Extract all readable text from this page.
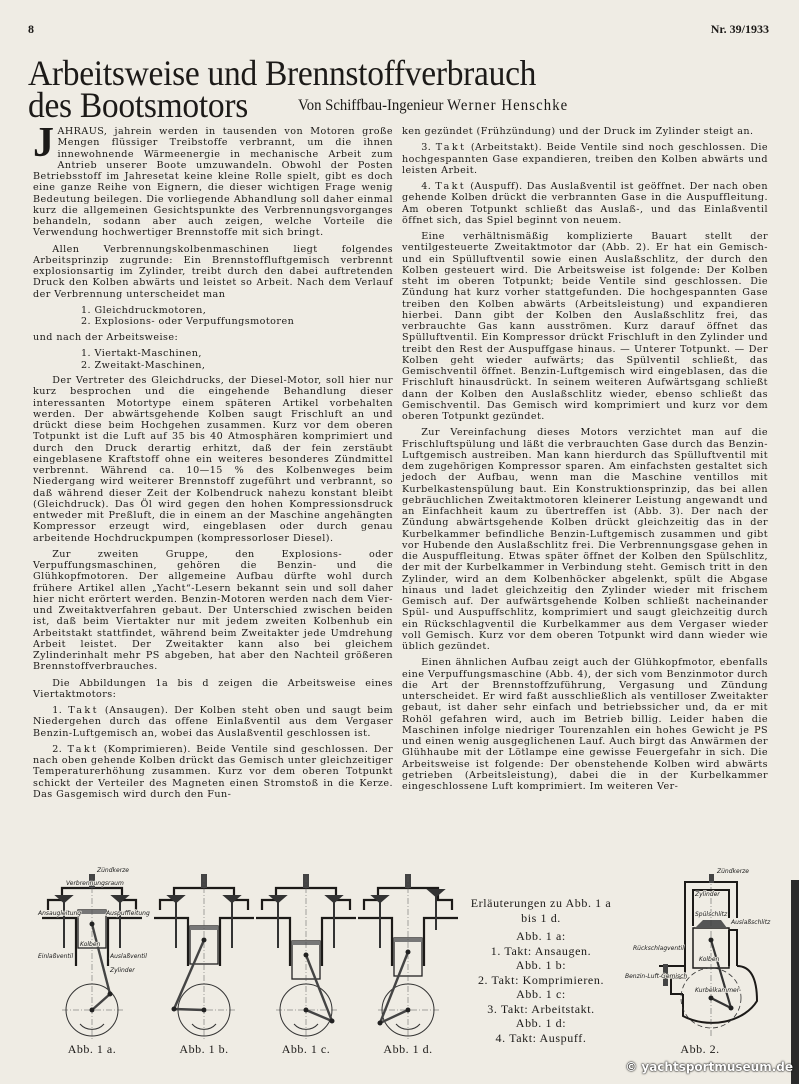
8	Nr. 39/1933
Arbeitsweise und Brennstoffverbrauch
des Bootsmotors	Von Schiffbau-Ingenieur Werner Henschke

JAHRAUS, jahrein werden in tausenden von Motoren große Mengen flüssiger Treibstoffe verbrannt, um die ihnen innewohnende Wärmeenergie in mechanische Arbeit zum Antrieb unserer Boote umzuwandeln. Obwohl der Posten Betriebsstoff im Jahresetat keine kleine Rolle spielt, gibt es doch eine ganze Reihe von Eignern, die dieser wichtigen Frage wenig Bedeutung beilegen. Die vorliegende Abhandlung soll daher einmal kurz die allgemeinen Gesichtspunkte des Verbrennungsvorganges behandeln, sodann aber auch zeigen, welche Vorteile die Verwendung hochwertiger Brennstoffe mit sich bringt.

Allen Verbrennungskolbenmaschinen liegt folgendes Arbeitsprinzip zugrunde: Ein Brennstoffluftgemisch verbrennt explosionsartig im Zylinder, treibt durch den dabei auftretenden Druck den Kolben abwärts und leistet so Arbeit. Nach dem Verlauf der Verbrennung unterscheidet man

1. Gleichdruckmotoren,
2. Explosions- oder Verpuffungsmotoren

und nach der Arbeitsweise:

1. Viertakt-Maschinen,
2. Zweitakt-Maschinen,

Der Vertreter des Gleichdrucks, der Diesel-Motor, soll hier nur kurz besprochen und die eingehende Behandlung dieser interessanten Motortype einem späteren Artikel vorbehalten werden. Der abwärtsgehende Kolben saugt Frischluft an und drückt diese beim Hochgehen zusammen. Kurz vor dem oberen Totpunkt ist die Luft auf 35 bis 40 Atmosphären komprimiert und durch den Druck derartig erhitzt, daß der fein zerstäubt eingeblasene Kraftstoff ohne ein weiteres besonderes Zündmittel verbrennt. Während ca. 10—15 % des Kolbenweges beim Niedergang wird weiterer Brennstoff zugeführt und verbrannt, so daß während dieser Zeit der Kolbendruck nahezu konstant bleibt (Gleichdruck). Das Öl wird gegen den hohen Kompressionsdruck entweder mit Preßluft, die in einem an der Maschine angehängten Kompressor erzeugt wird, eingeblasen oder durch genau arbeitende Hochdruckpumpen (kompressorloser Diesel).

Zur zweiten Gruppe, den Explosions- oder Verpuffungsmaschinen, gehören die Benzin- und die Glühkopfmotoren. Der allgemeine Aufbau dürfte wohl durch frühere Artikel allen „Yacht“-Lesern bekannt sein und soll daher hier nicht erörtert werden. Benzin-Motoren werden nach dem Vier- und Zweitaktverfahren gebaut. Der Unterschied zwischen beiden ist, daß beim Viertakter nur mit jedem zweiten Kolbenhub ein Arbeitstakt stattfindet, während beim Zweitakter jede Umdrehung Arbeit leistet. Der Zweitakter kann also bei gleichem Zylinderinhalt mehr PS abgeben, hat aber den Nachteil größeren Brennstoffverbrauches.

Die Abbildungen 1a bis d zeigen die Arbeitsweise eines Viertaktmotors:

1. Takt (Ansaugen). Der Kolben steht oben und saugt beim Niedergehen durch das offene Einlaßventil aus dem Vergaser Benzin-Luftgemisch an, wobei das Auslaßventil geschlossen ist.

2. Takt (Komprimieren). Beide Ventile sind geschlossen. Der nach oben gehende Kolben drückt das Gemisch unter gleichzeitiger Temperaturerhöhung zusammen. Kurz vor dem oberen Totpunkt schickt der Verteiler des Magneten einen Stromstoß in die Kerze. Das Gasgemisch wird durch den Fun-

ken gezündet (Frühzündung) und der Druck im Zylinder steigt an.

3. Takt (Arbeitstakt). Beide Ventile sind noch geschlossen. Die hochgespannten Gase expandieren, treiben den Kolben abwärts und leisten Arbeit.

4. Takt (Auspuff). Das Auslaßventil ist geöffnet. Der nach oben gehende Kolben drückt die verbrannten Gase in die Auspuffleitung. Am oberen Totpunkt schließt das Auslaß-, und das Einlaßventil öffnet sich, das Spiel beginnt von neuem.

Eine verhältnismäßig komplizierte Bauart stellt der ventilgesteuerte Zweitaktmotor dar (Abb. 2). Er hat ein Gemisch- und ein Spülluftventil sowie einen Auslaßschlitz, der durch den Kolben gesteuert wird. Die Arbeitsweise ist folgende: Der Kolben steht im oberen Totpunkt; beide Ventile sind geschlossen. Die Zündung hat kurz vorher stattgefunden. Die hochgespannten Gase treiben den Kolben abwärts (Arbeitsleistung) und expandieren hierbei. Dann gibt der Kolben den Auslaßschlitz frei, das verbrauchte Gas kann ausströmen. Kurz darauf öffnet das Spülluftventil. Ein Kompressor drückt Frischluft in den Zylinder und treibt den Rest der Auspuffgase hinaus. — Unterer Totpunkt. — Der Kolben geht wieder aufwärts; das Spülventil schließt, das Gemischventil öffnet. Benzin-Luftgemisch wird eingeblasen, das die Frischluft hinausdrückt. In seinem weiteren Aufwärtsgang schließt dann der Kolben den Auslaßschlitz wieder, ebenso schließt das Gemischventil. Das Gemisch wird komprimiert und kurz vor dem oberen Totpunkt gezündet.

Zur Vereinfachung dieses Motors verzichtet man auf die Frischluftspülung und läßt die verbrauchten Gase durch das Benzin-Luftgemisch austreiben. Man kann hierdurch das Spülluftventil mit dem zugehörigen Kompressor sparen. Am einfachsten gestaltet sich jedoch der Aufbau, wenn man die Maschine ventillos mit Kurbelkastenspülung baut. Ein Konstruktionsprinzip, das bei allen gebräuchlichen Zweitaktmotoren kleinerer Leistung angewandt und an Einfachheit kaum zu übertreffen ist (Abb. 3). Der nach der Zündung abwärtsgehende Kolben drückt gleichzeitig das in der Kurbelkammer befindliche Benzin-Luftgemisch zusammen und gibt vor Hubende den Auslaßschlitz frei. Die Verbrennungsgase gehen in die Auspuffleitung. Etwas später öffnet der Kolben den Spülschlitz, der mit der Kurbelkammer in Verbindung steht. Gemisch tritt in den Zylinder, wird an dem Kolbenhöcker abgelenkt, spült die Abgase hinaus und ladet gleichzeitig den Zylinder wieder mit frischem Gemisch auf. Der aufwärtsgehende Kolben schließt nacheinander Spül- und Auspuffschlitz, komprimiert und saugt gleichzeitig durch ein Rückschlagventil die Kurbelkammer aus dem Vergaser wieder voll Gemisch. Kurz vor dem oberen Totpunkt wird dann wieder wie üblich gezündet.

Einen ähnlichen Aufbau zeigt auch der Glühkopfmotor, ebenfalls eine Verpuffungsmaschine (Abb. 4), der sich vom Benzinmotor durch die Art der Brennstoffzuführung, Vergasung und Zündung unterscheidet. Er wird faßt ausschließlich als ventilloser Zweitakter gebaut, ist daher sehr einfach und betriebssicher und, da er mit Rohöl gefahren wird, auch im Betrieb billig. Leider haben die Maschinen infolge niedriger Tourenzahlen ein hohes Gewicht je PS und einen wenig ausgeglichenen Lauf. Auch birgt das Anwärmen der Glühhaube mit der Lötlampe eine gewisse Feuergefahr in sich. Die Arbeitsweise ist folgende: Der obenstehende Kolben wird abwärts getrieben (Arbeitsleistung), dabei die in der Kurbelkammer eingeschlossene Luft komprimiert. Im weiteren Ver-

Zündkerze
Verbrennungsraum
Ansaugleitung
Einlaßventil
Kolben
Zylinder
Auspuffleitung
Auslaßventil
Abb. 1 a.	Abb. 1 b.	Abb. 1 c.	Abb. 1 d.
Erläuterungen zu Abb. 1 a bis 1 d.
Abb. 1 a:
1. Takt: Ansaugen.
Abb. 1 b:
2. Takt: Komprimieren.
Abb. 1 c:
3. Takt: Arbeitstakt.
Abb. 1 d:
4. Takt: Auspuff.
Zündkerze
Zylinder
Spülschlitz
Auslaßschlitz
Rückschlagventil
Benzin-Luft-Gemisch
Kolben
Kurbelkammer
Abb. 2.
© yachtsportmuseum.de
